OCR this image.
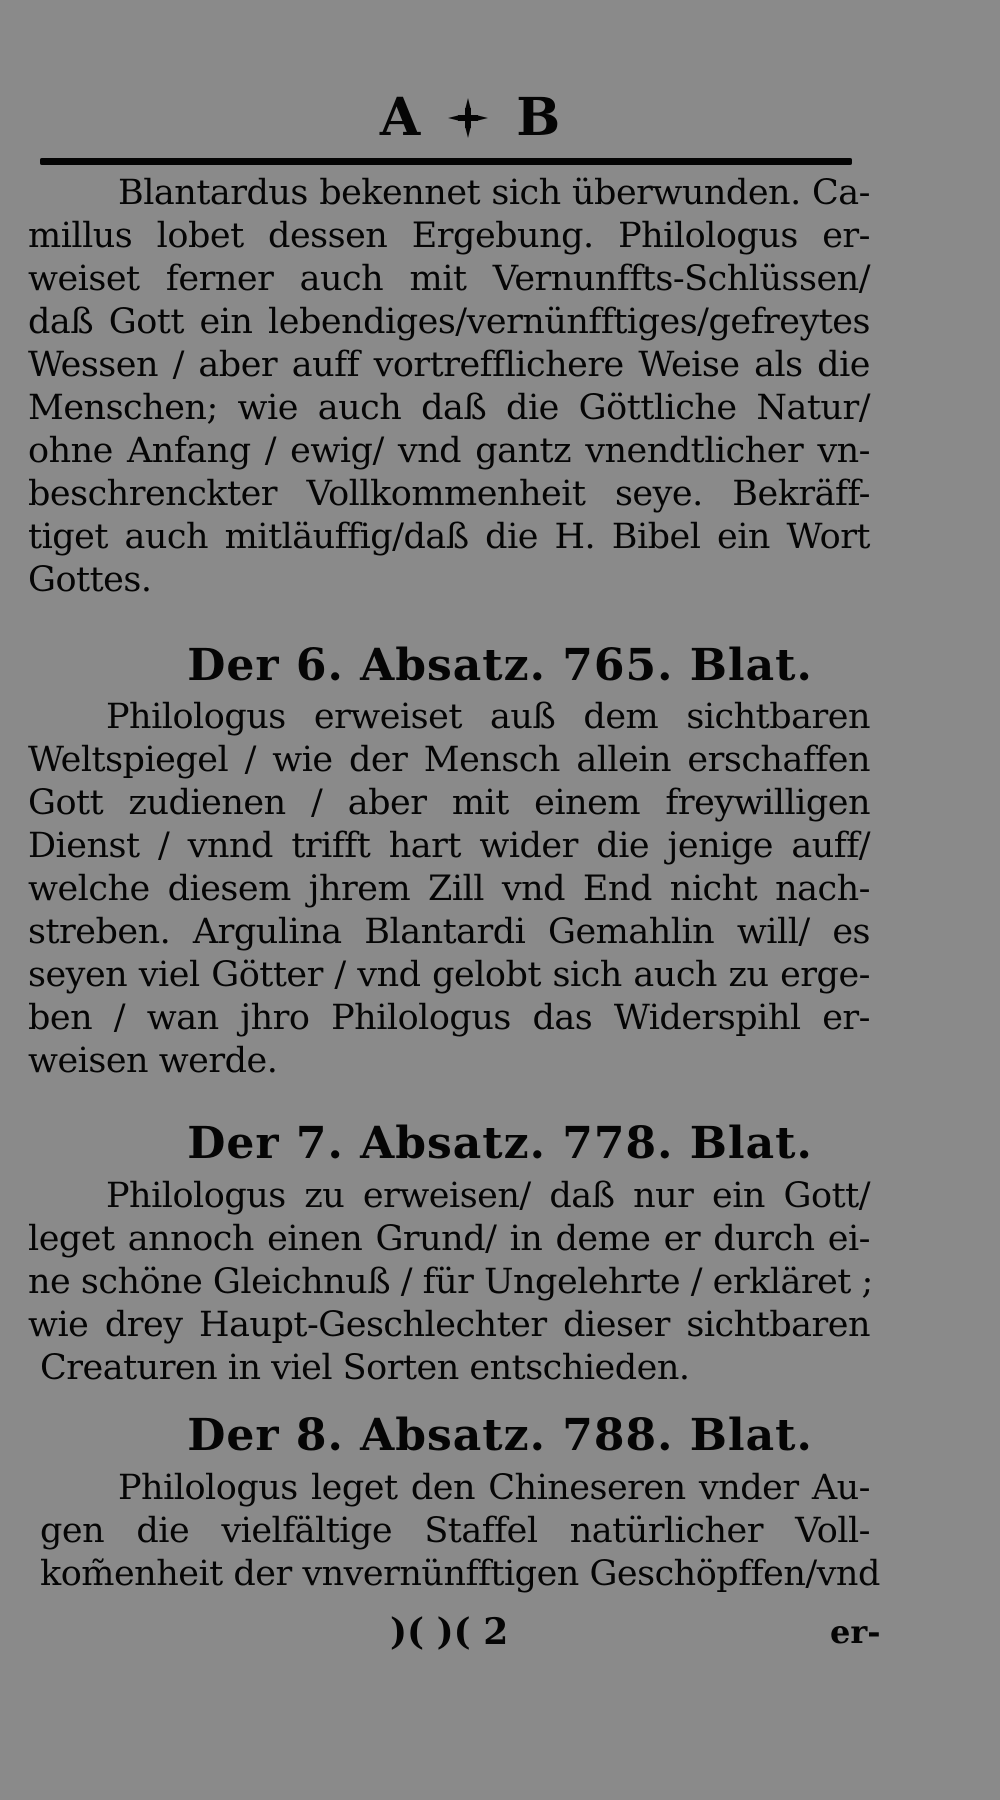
A B
Blantardus bekennet sich überwunden. Ca-
millus lobet dessen Ergebung. Philologus er-
weiset ferner auch mit Vernunffts-Schlüssen/
daß Gott ein lebendiges/vernünfftiges/gefreytes
Wessen / aber auff vortrefflichere Weise als die
Menschen; wie auch daß die Göttliche Natur/
ohne Anfang / ewig/ vnd gantz vnendtlicher vn-
beschrenckter Vollkommenheit seye. Bekräff-
tiget auch mitläuffig/daß die H. Bibel ein Wort
Gottes.
Der 6. Absatz. 765. Blat.
Philologus erweiset auß dem sichtbaren
Weltspiegel / wie der Mensch allein erschaffen
Gott zudienen / aber mit einem freywilligen
Dienst / vnnd trifft hart wider die jenige auff/
welche diesem jhrem Zill vnd End nicht nach-
streben. Argulina Blantardi Gemahlin will/ es
seyen viel Götter / vnd gelobt sich auch zu erge-
ben / wan jhro Philologus das Widerspihl er-
weisen werde.
Der 7. Absatz. 778. Blat.
Philologus zu erweisen/ daß nur ein Gott/
leget annoch einen Grund/ in deme er durch ei-
ne schöne Gleichnuß / für Ungelehrte / erkläret ;
wie drey Haupt-Geschlechter dieser sichtbaren
Creaturen in viel Sorten entschieden.
Der 8. Absatz. 788. Blat.
Philologus leget den Chineseren vnder Au-
gen die vielfältige Staffel natürlicher Voll-
kom̃enheit der vnvernünfftigen Geschöpffen/vnd
)( )( 2	er-
